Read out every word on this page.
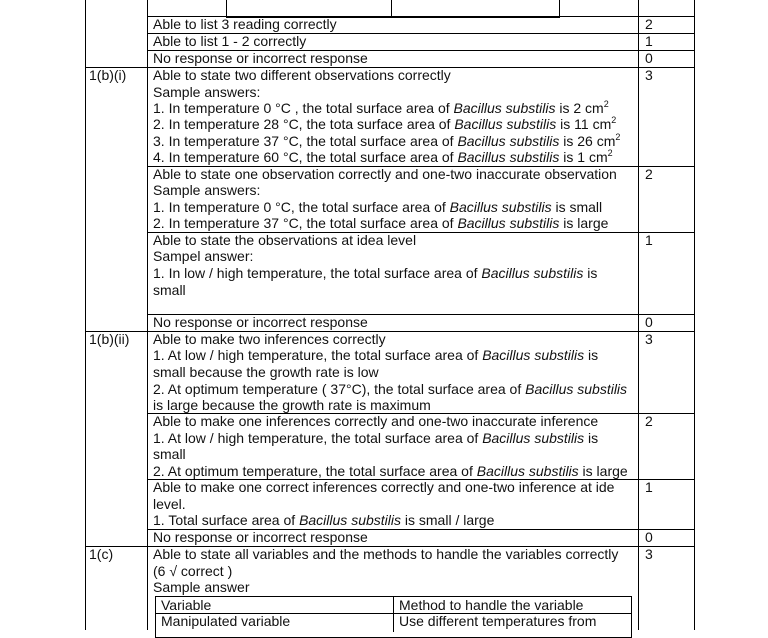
1(b)(i)
1(b)(ii)
1(c)
2
1
0
3
2
1
0
3
2
1
0
3
Able to list 3 reading correctly
Able to list 1 - 2 correctly
No response or incorrect response
Able to state two different observations correctly
Sample answers:
1. In temperature 0 °C , the total surface area of Bacillus substilis is 2 $cm^2$
2. In temperature 28 °C, the tota surface area of Bacillus substilis is 11 $cm^2$
3. In temperature 37 °C, the total surface area of Bacillus substilis is 26 $cm^2$
4. In temperature 60 °C, the total surface area of Bacillus substilis is 1 $cm^2$
Able to state one observation correctly and one-two inaccurate observation
Sample answers:
1. In temperature 0 °C, the total surface area of Bacillus substilis is small
2. In temperature 37 °C, the total surface area of Bacillus substilis is large
Able to state the observations at idea level
Sampel answer:
1. In low / high temperature, the total surface area of Bacillus substilis is
small
No response or incorrect response
Able to make two inferences correctly
1. At low / high temperature, the total surface area of Bacillus substilis is
small because the growth rate is low
2. At optimum temperature ( 37°C), the total surface area of Bacillus substilis
is large because the growth rate is maximum
Able to make one inferences correctly and one-two inaccurate inference
1. At low / high temperature, the total surface area of Bacillus substilis is
small
2. At optimum temperature, the total surface area of Bacillus substilis is large
Able to make one correct inferences correctly and one-two inference at ide
level.
1. Total surface area of Bacillus substilis is small / large
No response or incorrect response
Able to state all variables and the methods to handle the variables correctly
(6 √ correct )
Sample answer
Variable	Method to handle the variable
Manipulated variable	Use different temperatures from
